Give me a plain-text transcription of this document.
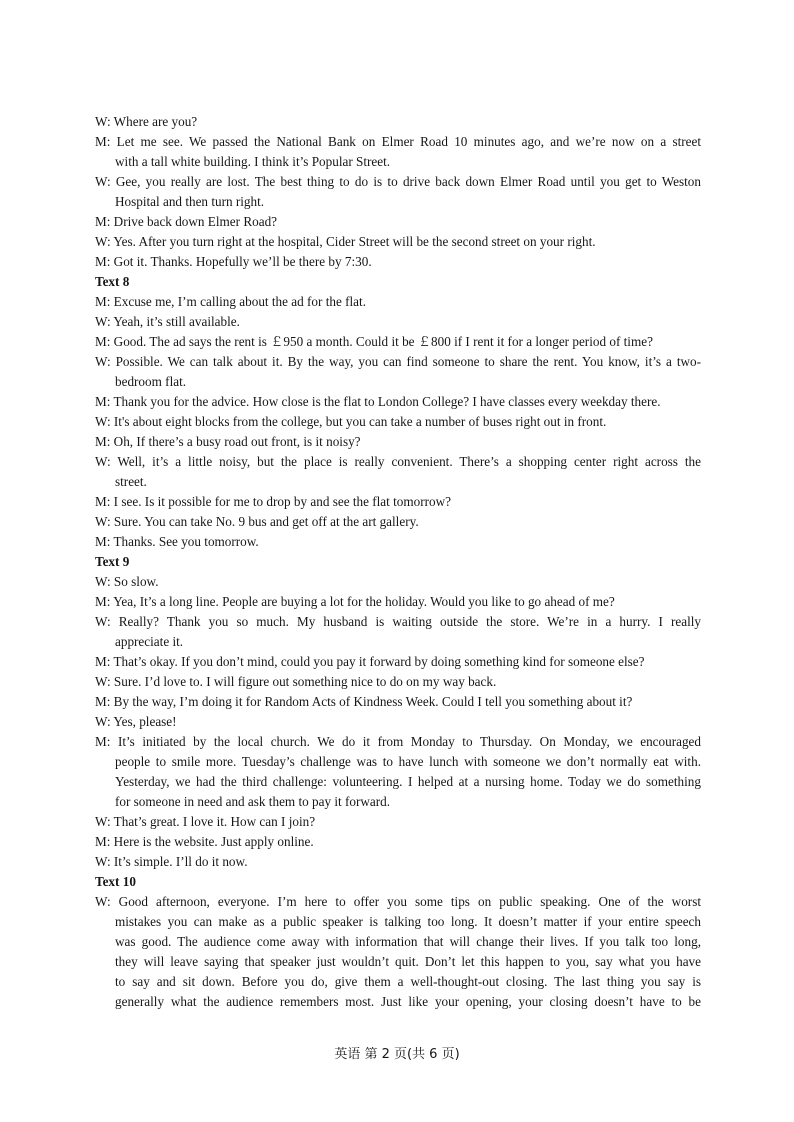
W: Where are you?
M: Let me see. We passed the National Bank on Elmer Road 10 minutes ago, and we’re now on a street
with a tall white building. I think it’s Popular Street.
W: Gee, you really are lost. The best thing to do is to drive back down Elmer Road until you get to Weston
Hospital and then turn right.
M: Drive back down Elmer Road?
W: Yes. After you turn right at the hospital, Cider Street will be the second street on your right.
M: Got it. Thanks. Hopefully we’ll be there by 7:30.
Text 8
M: Excuse me, I’m calling about the ad for the flat.
W: Yeah, it’s still available.
M: Good. The ad says the rent is ￡950 a month. Could it be ￡800 if I rent it for a longer period of time?
W: Possible. We can talk about it. By the way, you can find someone to share the rent. You know, it’s a two-
bedroom flat.
M: Thank you for the advice. How close is the flat to London College? I have classes every weekday there.
W: It's about eight blocks from the college, but you can take a number of buses right out in front.
M: Oh, If there’s a busy road out front, is it noisy?
W: Well, it’s a little noisy, but the place is really convenient. There’s a shopping center right across the
street.
M: I see. Is it possible for me to drop by and see the flat tomorrow?
W: Sure. You can take No. 9 bus and get off at the art gallery.
M: Thanks. See you tomorrow.
Text 9
W: So slow.
M: Yea, It’s a long line. People are buying a lot for the holiday. Would you like to go ahead of me?
W: Really? Thank you so much. My husband is waiting outside the store. We’re in a hurry. I really
appreciate it.
M: That’s okay. If you don’t mind, could you pay it forward by doing something kind for someone else?
W: Sure. I’d love to. I will figure out something nice to do on my way back.
M: By the way, I’m doing it for Random Acts of Kindness Week. Could I tell you something about it?
W: Yes, please!
M: It’s initiated by the local church. We do it from Monday to Thursday. On Monday, we encouraged
people to smile more. Tuesday’s challenge was to have lunch with someone we don’t normally eat with.
Yesterday, we had the third challenge: volunteering. I helped at a nursing home. Today we do something
for someone in need and ask them to pay it forward.
W: That’s great. I love it. How can I join?
M: Here is the website. Just apply online.
W: It’s simple. I’ll do it now.
Text 10
W: Good afternoon, everyone. I’m here to offer you some tips on public speaking. One of the worst
mistakes you can make as a public speaker is talking too long. It doesn’t matter if your entire speech
was good. The audience come away with information that will change their lives. If you talk too long,
they will leave saying that speaker just wouldn’t quit. Don’t let this happen to you, say what you have
to say and sit down. Before you do, give them a well-thought-out closing. The last thing you say is
generally what the audience remembers most. Just like your opening, your closing doesn’t have to be
英语 第 2 页(共 6 页)
